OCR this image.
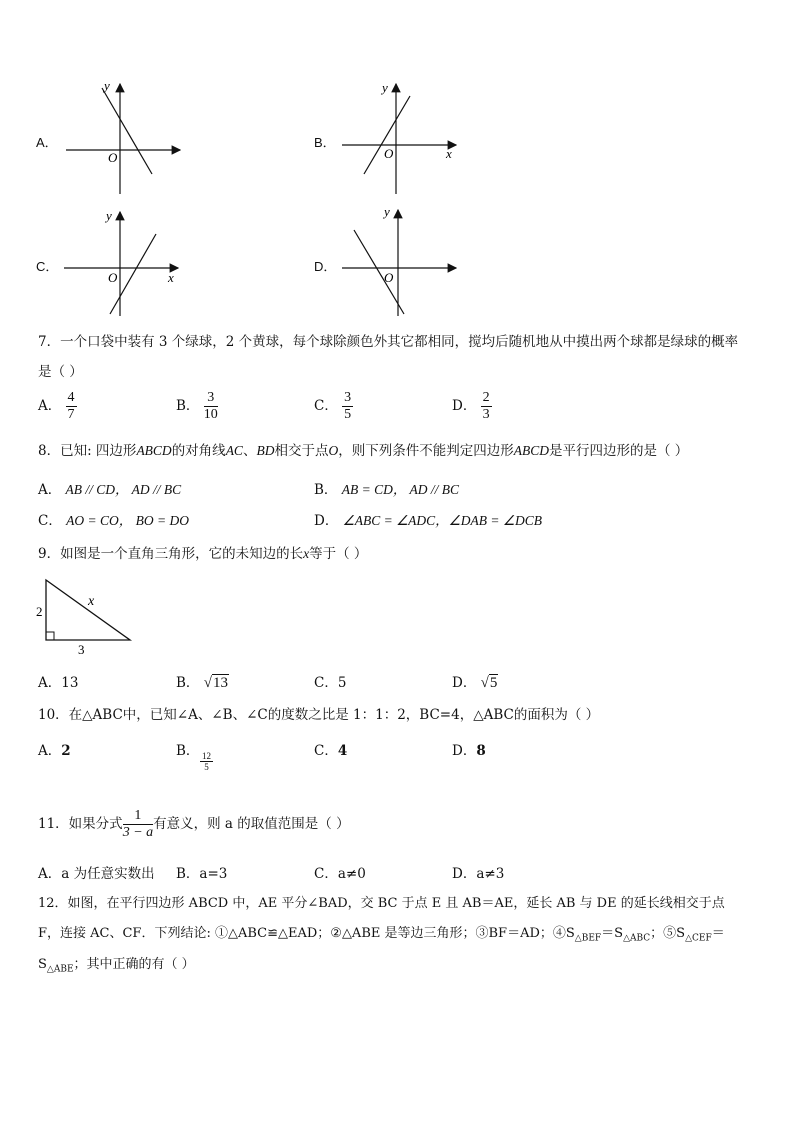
A．
y
O
B．
y
O	x
C．
y
O	x
D．
y
O
7．一个口袋中装有 3 个绿球，2 个黄球，每个球除颜色外其它都相同，搅均后随机地从中摸出两个球都是绿球的概率
是（ ）
A． $\frac{4}{7}$	B． $\frac{3}{10}$	C． $\frac{3}{5}$	D． $\frac{2}{3}$
8．已知: 四边形ABCD的对角线AC、BD相交于点O，则下列条件不能判定四边形ABCD是平行四边形的是（ ）
A． AB // CD， AD // BC	B． AB = CD， AD // BC
C． AO = CO， BO = DO	D． ∠ABC = ∠ADC，∠DAB = ∠DCB
9．如图是一个直角三角形，它的未知边的长x等于（ ）
2
3
x
A．13	B． √13	C．5	D． √5
10．在△ABC中，已知∠A、∠B、∠C的度数之比是 1：1：2，BC=4，△ABC的面积为（ ）
A．2	B． $\frac{12}{5}$	C．4	D．8
11．如果分式 $\frac{1}{3 - a}$ 有意义，则 a 的取值范围是（ ）
A．a 为任意实数出 B．a=3	C．a≠0	D．a≠3
12．如图，在平行四边形 ABCD 中，AE 平分∠BAD，交 BC 于点 E 且 AB＝AE，延长 AB 与 DE 的延长线相交于点
F，连接 AC、CF．下列结论: ①△ABC≌△EAD；②△ABE 是等边三角形；③BF＝AD；$④S_{\triangle BEF}=S_{\triangle ABC}$；$⑤S_{\triangle CEF}=$
$S_{\triangle ABE}$；其中正确的有（ ）
